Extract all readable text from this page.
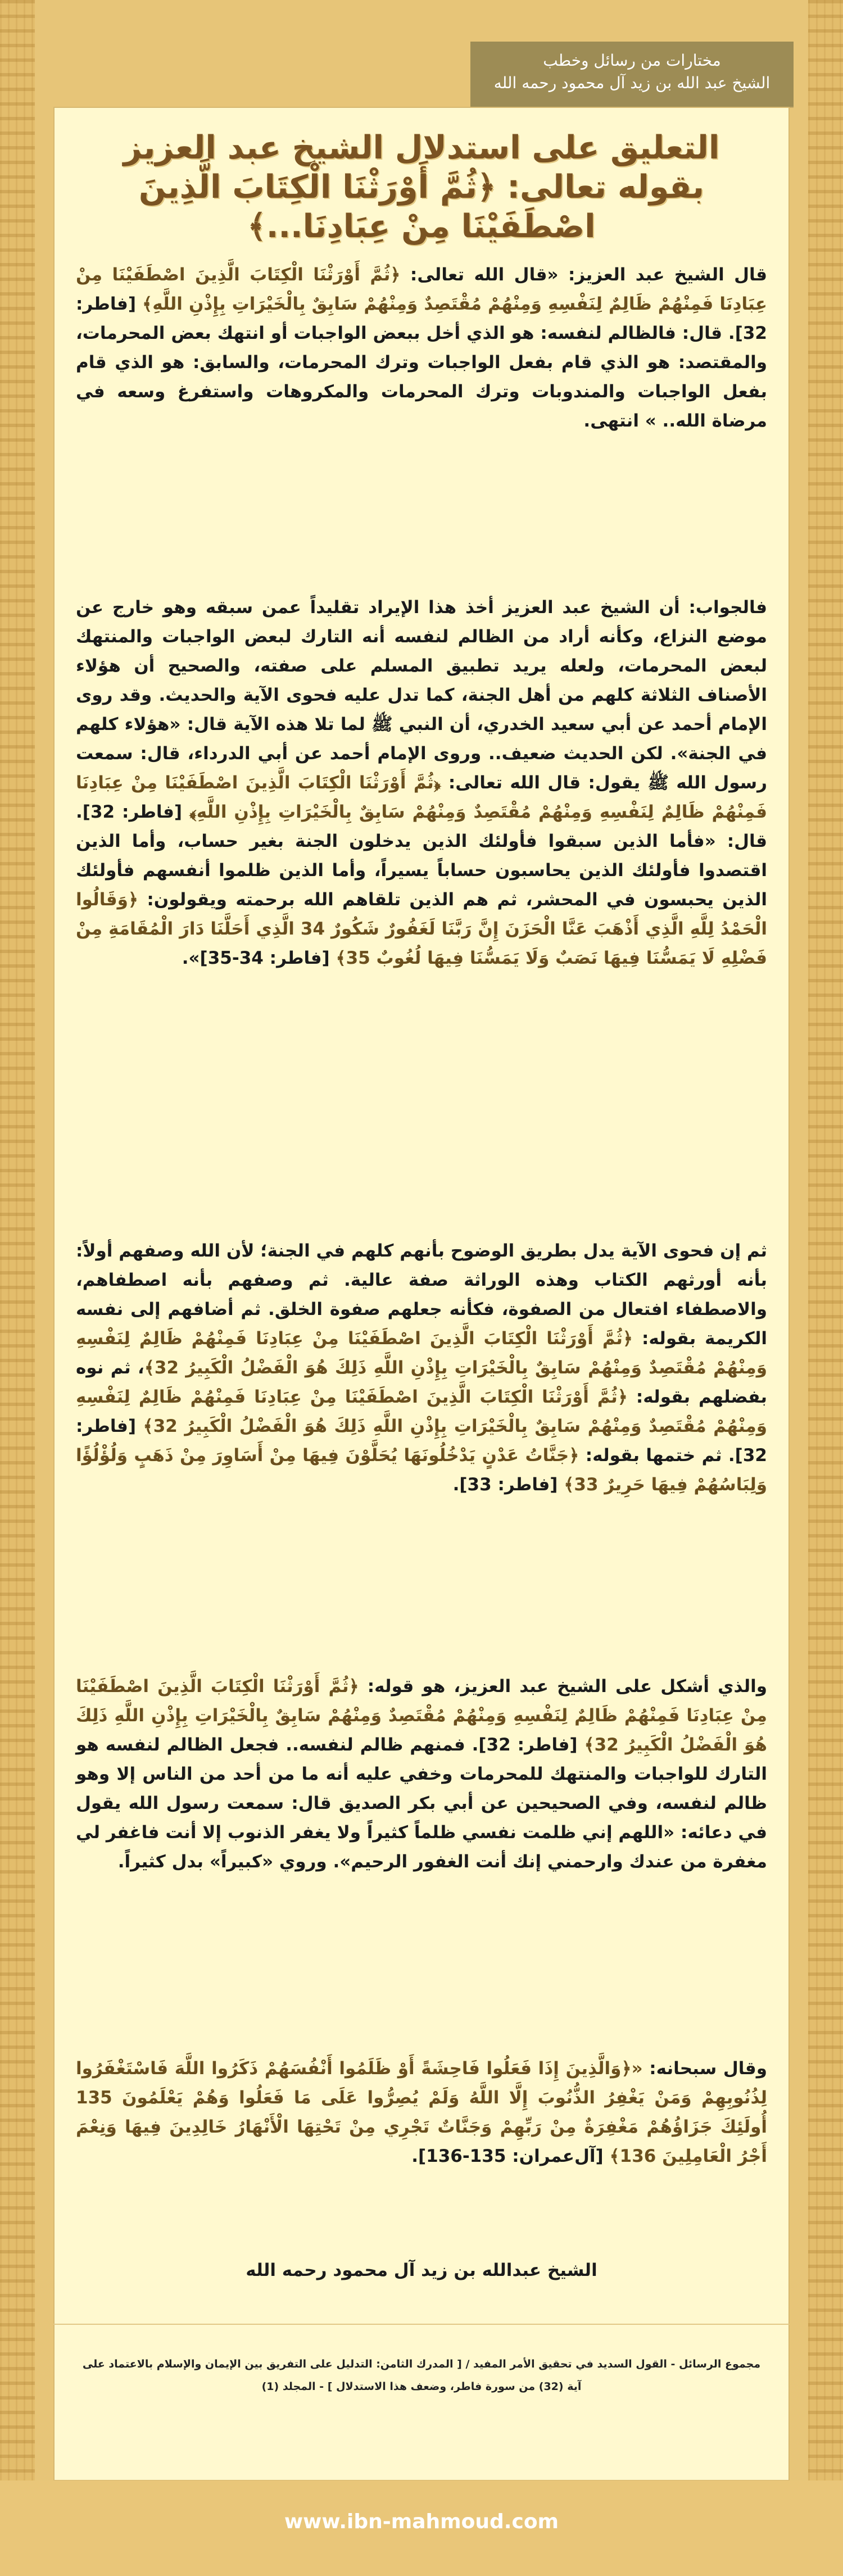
مختارات من رسائل وخطب
الشيخ عبد الله بن زيد آل محمود رحمه الله
التعليق على استدلال الشيخ عبد العزيز بقوله تعالى: ﴿ثُمَّ أَوْرَثْنَا الْكِتَابَ الَّذِينَ اصْطَفَيْنَا مِنْ عِبَادِنَا...﴾
قال الشيخ عبد العزيز: «قال الله تعالى: ﴿ثُمَّ أَوْرَثْنَا الْكِتَابَ الَّذِينَ اصْطَفَيْنَا مِنْ عِبَادِنَا فَمِنْهُمْ ظَالِمٌ لِنَفْسِهِ وَمِنْهُمْ مُقْتَصِدٌ وَمِنْهُمْ سَابِقٌ بِالْخَيْرَاتِ بِإِذْنِ اللَّهِ﴾ [فاطر: 32]. قال: فالظالم لنفسه: هو الذي أخل ببعض الواجبات أو انتهك بعض المحرمات، والمقتصد: هو الذي قام بفعل الواجبات وترك المحرمات، والسابق: هو الذي قام بفعل الواجبات والمندوبات وترك المحرمات والمكروهات واستفرغ وسعه في مرضاة الله.. » انتهى.
فالجواب: أن الشيخ عبد العزيز أخذ هذا الإيراد تقليداً عمن سبقه وهو خارج عن موضع النزاع، وكأنه أراد من الظالم لنفسه أنه التارك لبعض الواجبات والمنتهك لبعض المحرمات، ولعله يريد تطبيق المسلم على صفته، والصحيح أن هؤلاء الأصناف الثلاثة كلهم من أهل الجنة، كما تدل عليه فحوى الآية والحديث. وقد روى الإمام أحمد عن أبي سعيد الخدري، أن النبي ﷺ لما تلا هذه الآية قال: «هؤلاء كلهم في الجنة». لكن الحديث ضعيف.. وروى الإمام أحمد عن أبي الدرداء، قال: سمعت رسول الله ﷺ يقول: قال الله تعالى: ﴿ثُمَّ أَوْرَثْنَا الْكِتَابَ الَّذِينَ اصْطَفَيْنَا مِنْ عِبَادِنَا فَمِنْهُمْ ظَالِمٌ لِنَفْسِهِ وَمِنْهُمْ مُقْتَصِدٌ وَمِنْهُمْ سَابِقٌ بِالْخَيْرَاتِ بِإِذْنِ اللَّهِ﴾ [فاطر: 32]. قال: «فأما الذين سبقوا فأولئك الذين يدخلون الجنة بغير حساب، وأما الذين اقتصدوا فأولئك الذين يحاسبون حساباً يسيراً، وأما الذين ظلموا أنفسهم فأولئك الذين يحبسون في المحشر، ثم هم الذين تلقاهم الله برحمته ويقولون: ﴿وَقَالُوا الْحَمْدُ لِلَّهِ الَّذِي أَذْهَبَ عَنَّا الْحَزَنَ إِنَّ رَبَّنَا لَغَفُورٌ شَكُورٌ 34 الَّذِي أَحَلَّنَا دَارَ الْمُقَامَةِ مِنْ فَضْلِهِ لَا يَمَسُّنَا فِيهَا نَصَبٌ وَلَا يَمَسُّنَا فِيهَا لُغُوبٌ 35﴾ [فاطر: 34-35]».
ثم إن فحوى الآية يدل بطريق الوضوح بأنهم كلهم في الجنة؛ لأن الله وصفهم أولاً: بأنه أورثهم الكتاب وهذه الوراثة صفة عالية. ثم وصفهم بأنه اصطفاهم، والاصطفاء افتعال من الصفوة، فكأنه جعلهم صفوة الخلق. ثم أضافهم إلى نفسه الكريمة بقوله: ﴿ثُمَّ أَوْرَثْنَا الْكِتَابَ الَّذِينَ اصْطَفَيْنَا مِنْ عِبَادِنَا فَمِنْهُمْ ظَالِمٌ لِنَفْسِهِ وَمِنْهُمْ مُقْتَصِدٌ وَمِنْهُمْ سَابِقٌ بِالْخَيْرَاتِ بِإِذْنِ اللَّهِ ذَلِكَ هُوَ الْفَضْلُ الْكَبِيرُ 32﴾، ثم نوه بفضلهم بقوله: ﴿ثُمَّ أَوْرَثْنَا الْكِتَابَ الَّذِينَ اصْطَفَيْنَا مِنْ عِبَادِنَا فَمِنْهُمْ ظَالِمٌ لِنَفْسِهِ وَمِنْهُمْ مُقْتَصِدٌ وَمِنْهُمْ سَابِقٌ بِالْخَيْرَاتِ بِإِذْنِ اللَّهِ ذَلِكَ هُوَ الْفَضْلُ الْكَبِيرُ 32﴾ [فاطر: 32]. ثم ختمها بقوله: ﴿جَنَّاتُ عَدْنٍ يَدْخُلُونَهَا يُحَلَّوْنَ فِيهَا مِنْ أَسَاوِرَ مِنْ ذَهَبٍ وَلُؤْلُؤًا وَلِبَاسُهُمْ فِيهَا حَرِيرٌ 33﴾ [فاطر: 33].
والذي أشكل على الشيخ عبد العزيز، هو قوله: ﴿ثُمَّ أَوْرَثْنَا الْكِتَابَ الَّذِينَ اصْطَفَيْنَا مِنْ عِبَادِنَا فَمِنْهُمْ ظَالِمٌ لِنَفْسِهِ وَمِنْهُمْ مُقْتَصِدٌ وَمِنْهُمْ سَابِقٌ بِالْخَيْرَاتِ بِإِذْنِ اللَّهِ ذَلِكَ هُوَ الْفَضْلُ الْكَبِيرُ 32﴾ [فاطر: 32]. فمنهم ظالم لنفسه.. فجعل الظالم لنفسه هو التارك للواجبات والمنتهك للمحرمات وخفي عليه أنه ما من أحد من الناس إلا وهو ظالم لنفسه، وفي الصحيحين عن أبي بكر الصديق قال: سمعت رسول الله يقول في دعائه: «اللهم إني ظلمت نفسي ظلماً كثيراً ولا يغفر الذنوب إلا أنت فاغفر لي مغفرة من عندك وارحمني إنك أنت الغفور الرحيم». وروي «كبيراً» بدل كثيراً.
وقال سبحانه: «﴿وَالَّذِينَ إِذَا فَعَلُوا فَاحِشَةً أَوْ ظَلَمُوا أَنْفُسَهُمْ ذَكَرُوا اللَّهَ فَاسْتَغْفَرُوا لِذُنُوبِهِمْ وَمَنْ يَغْفِرُ الذُّنُوبَ إِلَّا اللَّهُ وَلَمْ يُصِرُّوا عَلَى مَا فَعَلُوا وَهُمْ يَعْلَمُونَ 135 أُولَئِكَ جَزَاؤُهُمْ مَغْفِرَةٌ مِنْ رَبِّهِمْ وَجَنَّاتٌ تَجْرِي مِنْ تَحْتِهَا الْأَنْهَارُ خَالِدِينَ فِيهَا وَنِعْمَ أَجْرُ الْعَامِلِينَ 136﴾ [آل‌عمران: 135-136].
الشيخ عبدالله بن زيد آل محمود رحمه الله
مجموع الرسائل - القول السديد في تحقيق الأمر المفيد / [ المدرك الثامن: التدليل على التفريق بين الإيمان والإسلام بالاعتماد على آية (32) من سورة فاطر، وضعف هذا الاستدلال ] - المجلد (1)
www.ibn-mahmoud.com
